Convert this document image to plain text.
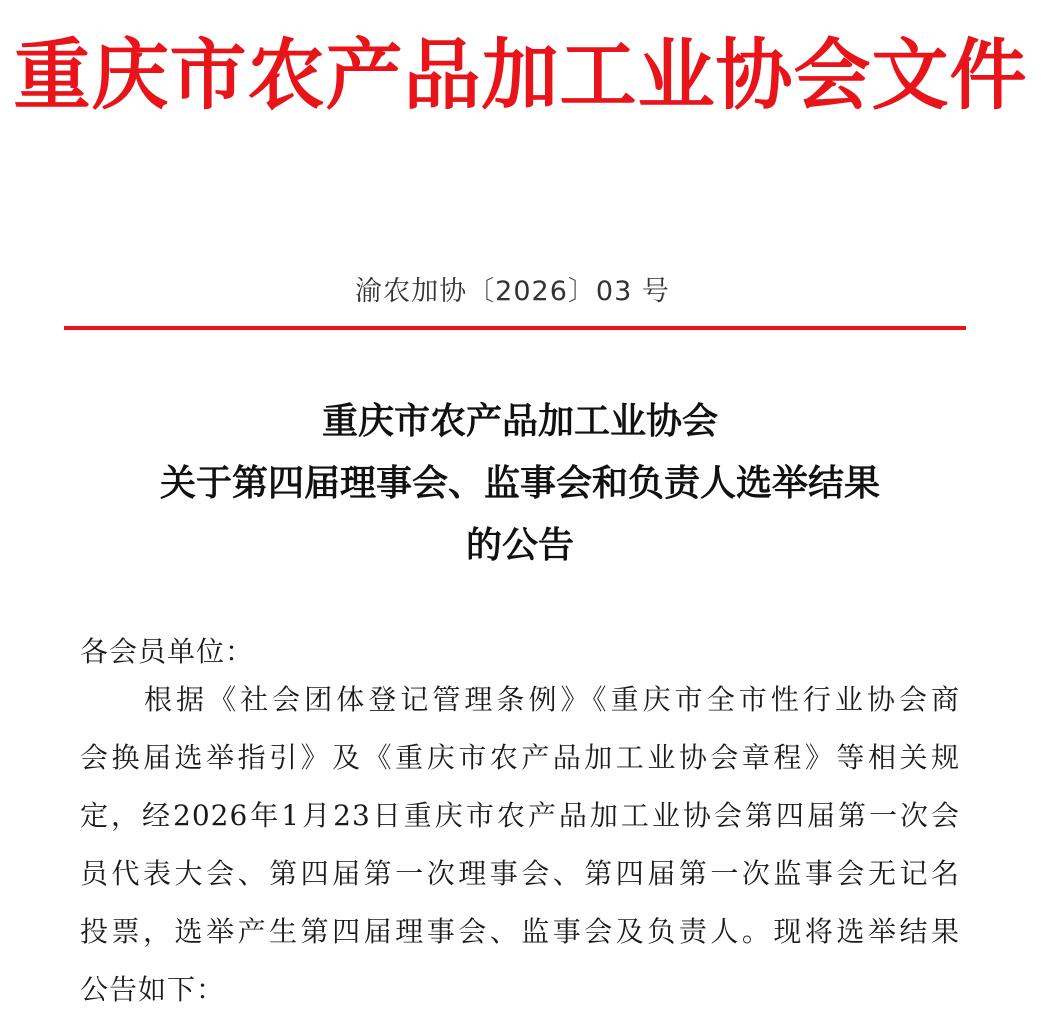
重庆市农产品加工业协会文件
渝农加协〔2026〕03 号
重庆市农产品加工业协会
关于第四届理事会、监事会和负责人选举结果
的公告
各会员单位：
根据《社会团体登记管理条例》《重庆市全市性行业协会商
会换届选举指引》及《重庆市农产品加工业协会章程》等相关规
定，经2026年1月23日重庆市农产品加工业协会第四届第一次会
员代表大会、第四届第一次理事会、第四届第一次监事会无记名
投票，选举产生第四届理事会、监事会及负责人。现将选举结果
公告如下：
